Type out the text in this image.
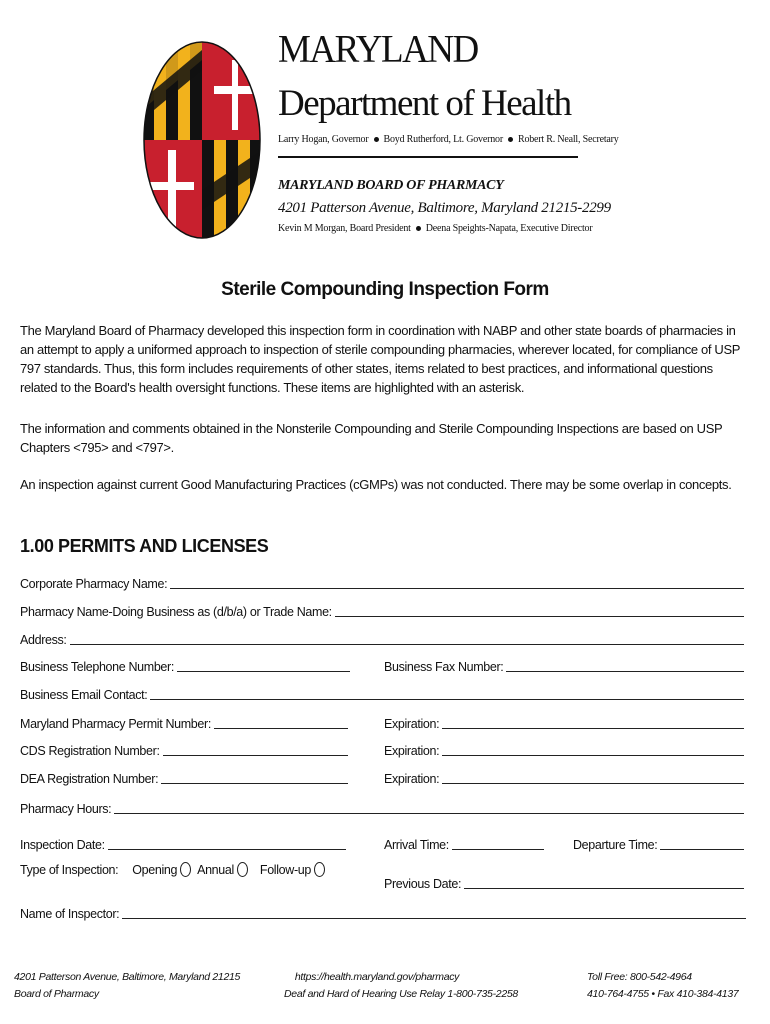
MARYLAND
Department of Health
Larry Hogan, Governor Boyd Rutherford, Lt. Governor Robert R. Neall, Secretary
MARYLAND BOARD OF PHARMACY
4201 Patterson Avenue, Baltimore, Maryland 21215-2299
Kevin M Morgan, Board President Deena Speights-Napata, Executive Director
Sterile Compounding Inspection Form
The Maryland Board of Pharmacy developed this inspection form in coordination with NABP and other state boards of pharmacies in an attempt to apply a uniformed approach to inspection of sterile compounding pharmacies, wherever located, for compliance of USP 797 standards. Thus, this form includes requirements of other states, items related to best practices, and informational questions related to the Board's health oversight functions. These items are highlighted with an asterisk.
The information and comments obtained in the Nonsterile Compounding and Sterile Compounding Inspections are based on USP Chapters <795> and <797>.
An inspection against current Good Manufacturing Practices (cGMPs) was not conducted. There may be some overlap in concepts.
1.00 PERMITS AND LICENSES
Corporate Pharmacy Name:
Pharmacy Name-Doing Business as (d/b/a) or Trade Name:
Address:
Business Telephone Number:	Business Fax Number:
Business Email Contact:
Maryland Pharmacy Permit Number:	Expiration:
CDS Registration Number:	Expiration:
DEA Registration Number:	Expiration:
Pharmacy Hours:
Inspection Date:	Arrival Time:	Departure Time:
Type of Inspection: Opening Annual Follow-up
Previous Date:
Name of Inspector:
4201 Patterson Avenue, Baltimore, Maryland 21215
Board of Pharmacy
https://health.maryland.gov/pharmacy
Deaf and Hard of Hearing Use Relay 1-800-735-2258
Toll Free: 800-542-4964
410-764-4755 • Fax 410-384-4137
